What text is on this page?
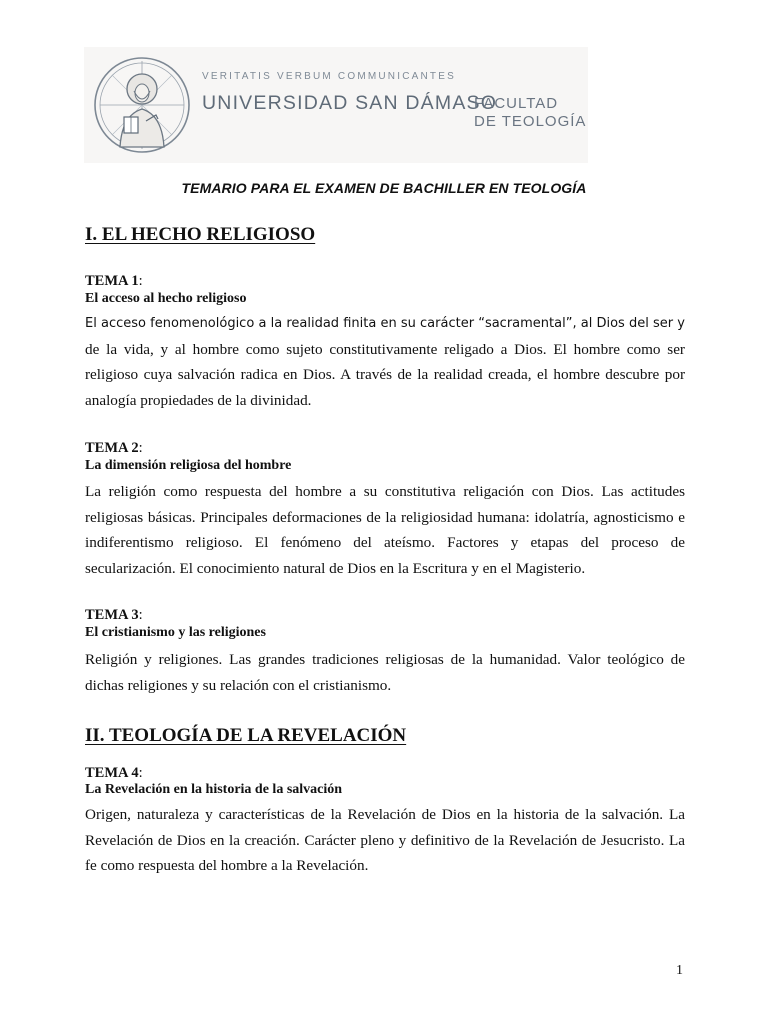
VERITATIS VERBUM COMMUNICANTES
UNIVERSIDAD SAN DÁMASO
FACULTAD
DE TEOLOGÍA
TEMARIO PARA EL EXAMEN DE BACHILLER EN TEOLOGÍA
I. EL HECHO RELIGIOSO
TEMA 1:
El acceso al hecho religioso
El acceso fenomenológico a la realidad finita en su carácter “sacramental”, al Dios del ser y de la vida, y al hombre como sujeto constitutivamente religado a Dios. El hombre como ser religioso cuya salvación radica en Dios. A través de la realidad creada, el hombre descubre por analogía propiedades de la divinidad.
TEMA 2:
La dimensión religiosa del hombre
La religión como respuesta del hombre a su constitutiva religación con Dios. Las actitudes religiosas básicas. Principales deformaciones de la religiosidad humana: idolatría, agnosticismo e indiferentismo religioso. El fenómeno del ateísmo. Factores y etapas del proceso de secularización. El conocimiento natural de Dios en la Escritura y en el Magisterio.
TEMA 3:
El cristianismo y las religiones
Religión y religiones. Las grandes tradiciones religiosas de la humanidad. Valor teológico de dichas religiones y su relación con el cristianismo.
II. TEOLOGÍA DE LA REVELACIÓN
TEMA 4:
La Revelación en la historia de la salvación
Origen, naturaleza y características de la Revelación de Dios en la historia de la salvación. La Revelación de Dios en la creación. Carácter pleno y definitivo de la Revelación de Jesucristo. La fe como respuesta del hombre a la Revelación.
1
